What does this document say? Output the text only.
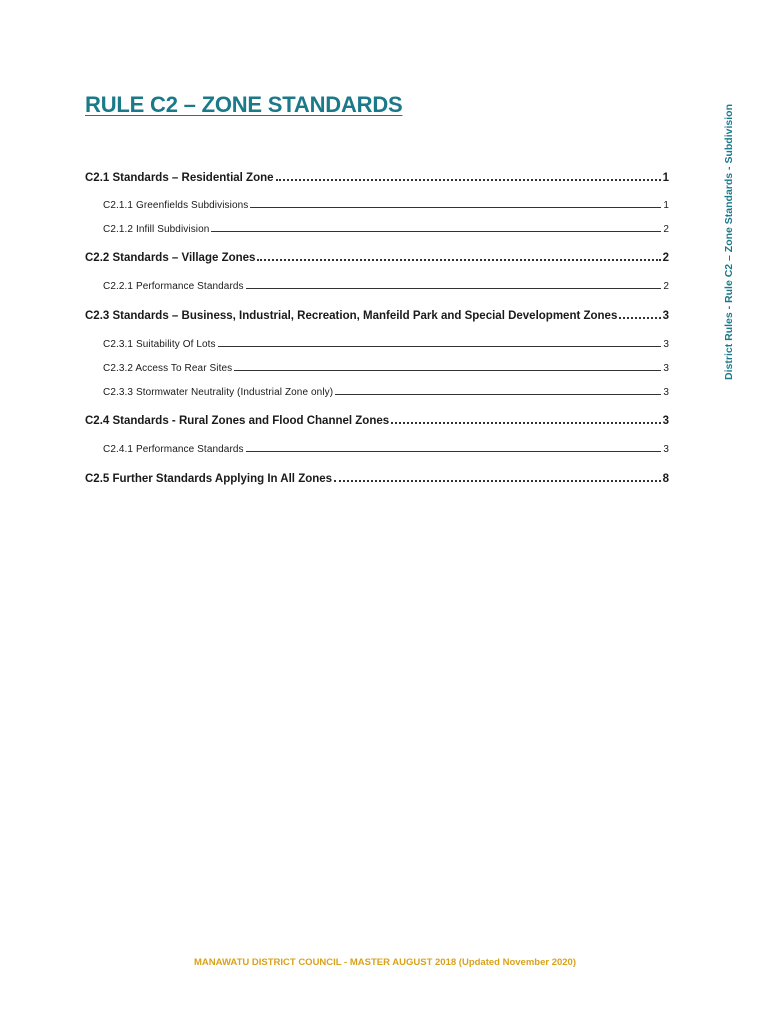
RULE C2 – ZONE STANDARDS	District Rules - Rule C2 – Zone Standards - Subdivision
C2.1 Standards – Residential Zone	1
C2.1.1 Greenfields Subdivisions	1
C2.1.2 Infill Subdivision	2
C2.2 Standards – Village Zones	2
C2.2.1 Performance Standards	2
C2.3 Standards – Business, Industrial, Recreation, Manfeild Park and Special Development Zones	3
C2.3.1 Suitability Of Lots	3
C2.3.2 Access To Rear Sites	3
C2.3.3 Stormwater Neutrality (Industrial Zone only)	3
C2.4 Standards - Rural Zones and Flood Channel Zones	3
C2.4.1 Performance Standards	3
C2.5 Further Standards Applying In All Zones	8
MANAWATU DISTRICT COUNCIL - MASTER AUGUST 2018 (Updated November 2020)
